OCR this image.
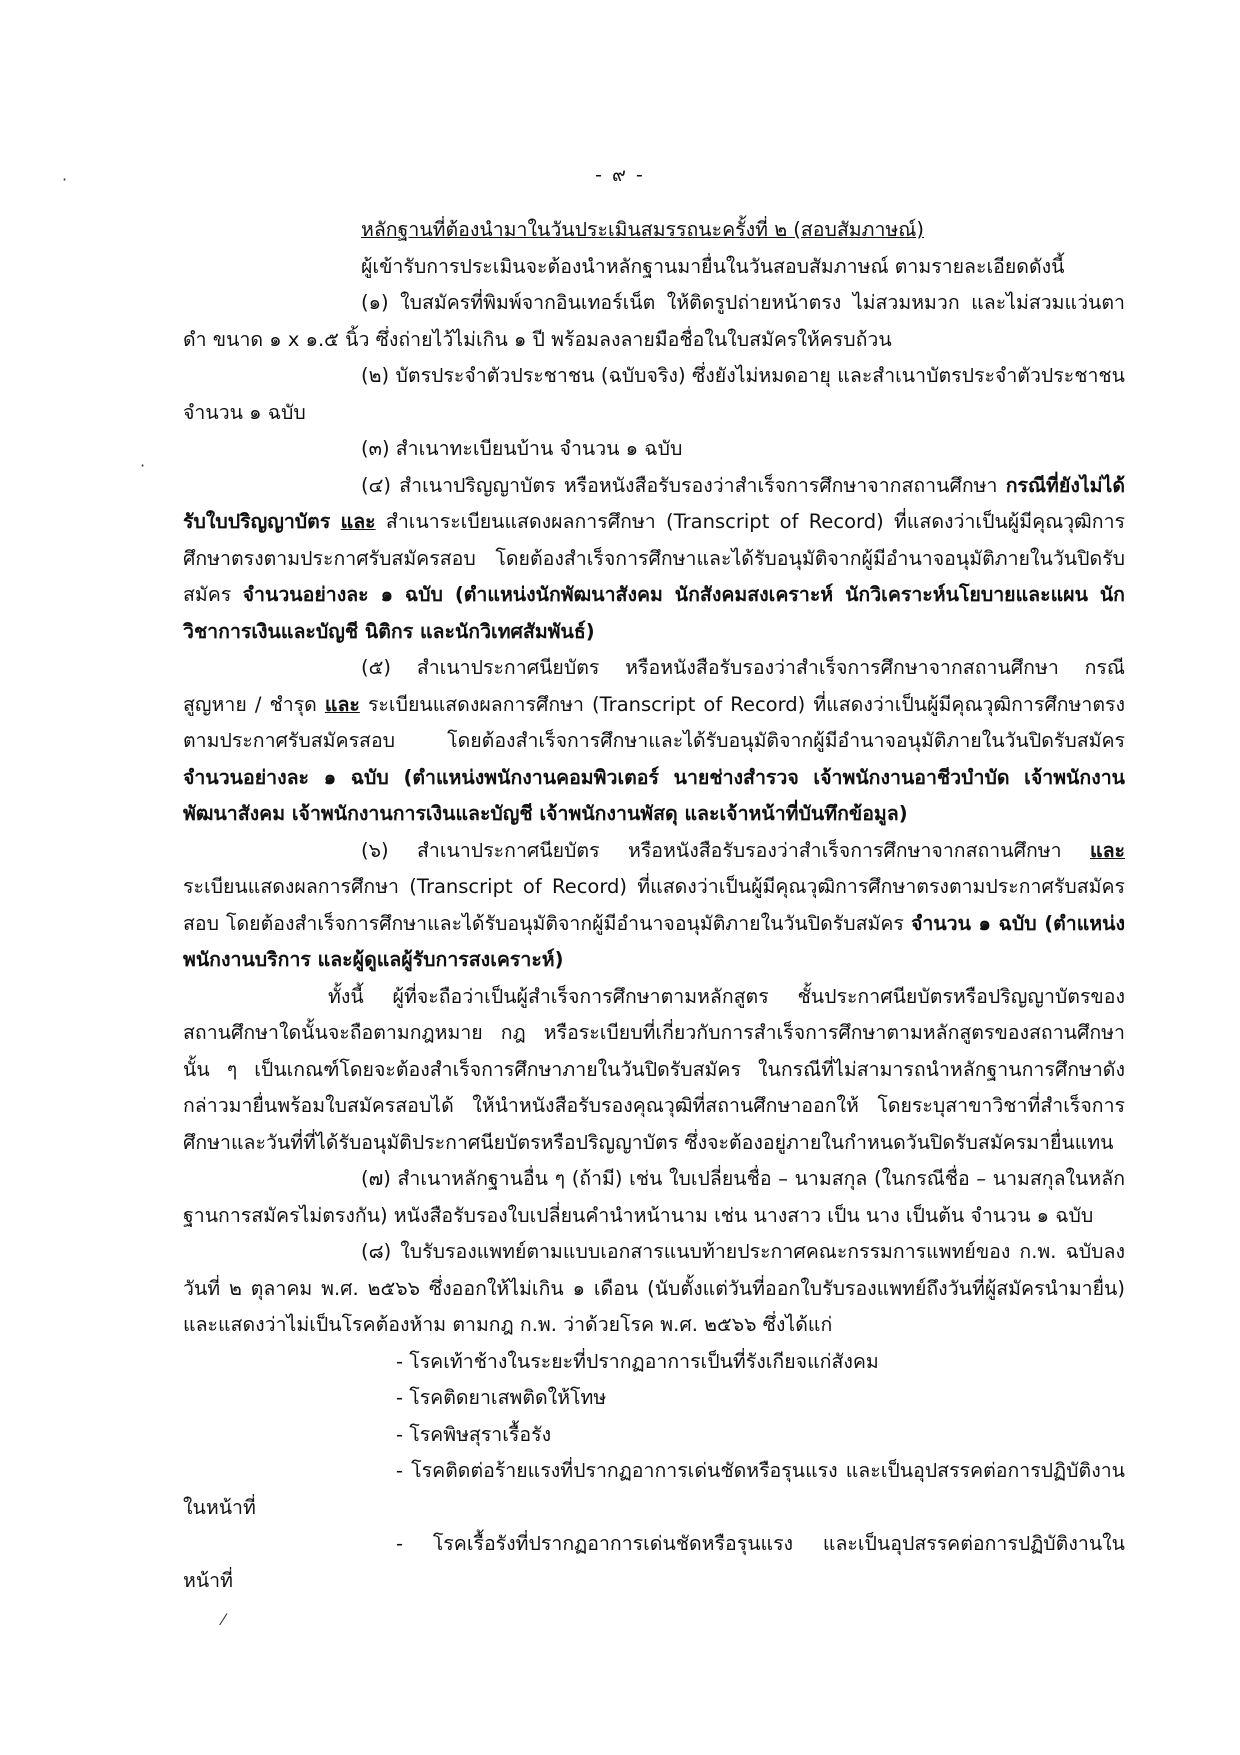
- ๙ -
·
·

หลักฐานที่ต้องนำมาในวันประเมินสมรรถนะครั้งที่ ๒ (สอบสัมภาษณ์)

ผู้เข้ารับการประเมินจะต้องนำหลักฐานมายื่นในวันสอบสัมภาษณ์ ตามรายละเอียดดังนี้

(๑) ใบสมัครที่พิมพ์จากอินเทอร์เน็ต ให้ติดรูปถ่ายหน้าตรง ไม่สวมหมวก และไม่สวมแว่นตาดำ ขนาด ๑ x ๑.๕ นิ้ว ซึ่งถ่ายไว้ไม่เกิน ๑ ปี พร้อมลงลายมือชื่อในใบสมัครให้ครบถ้วน

(๒) บัตรประจำตัวประชาชน (ฉบับจริง) ซึ่งยังไม่หมดอายุ และสำเนาบัตรประจำตัวประชาชน จำนวน ๑ ฉบับ

(๓) สำเนาทะเบียนบ้าน จำนวน ๑ ฉบับ

(๔) สำเนาปริญญาบัตร หรือหนังสือรับรองว่าสำเร็จการศึกษาจากสถานศึกษา กรณีที่ยังไม่ได้รับใบปริญญาบัตร และ สำเนาระเบียนแสดงผลการศึกษา (Transcript of Record) ที่แสดงว่าเป็นผู้มีคุณวุฒิการศึกษาตรงตามประกาศรับสมัครสอบ โดยต้องสำเร็จการศึกษาและได้รับอนุมัติจากผู้มีอำนาจอนุมัติภายในวันปิดรับสมัคร จำนวนอย่างละ ๑ ฉบับ (ตำแหน่งนักพัฒนาสังคม นักสังคมสงเคราะห์ นักวิเคราะห์นโยบายและแผน นักวิชาการเงินและบัญชี นิติกร และนักวิเทศสัมพันธ์)

(๕) สำเนาประกาศนียบัตร หรือหนังสือรับรองว่าสำเร็จการศึกษาจากสถานศึกษา กรณีสูญหาย / ชำรุด และ ระเบียนแสดงผลการศึกษา (Transcript of Record) ที่แสดงว่าเป็นผู้มีคุณวุฒิการศึกษาตรงตามประกาศรับสมัครสอบ โดยต้องสำเร็จการศึกษาและได้รับอนุมัติจากผู้มีอำนาจอนุมัติภายในวันปิดรับสมัคร จำนวนอย่างละ ๑ ฉบับ (ตำแหน่งพนักงานคอมพิวเตอร์ นายช่างสำรวจ เจ้าพนักงานอาชีวบำบัด เจ้าพนักงานพัฒนาสังคม เจ้าพนักงานการเงินและบัญชี เจ้าพนักงานพัสดุ และเจ้าหน้าที่บันทึกข้อมูล)

(๖) สำเนาประกาศนียบัตร หรือหนังสือรับรองว่าสำเร็จการศึกษาจากสถานศึกษา และ ระเบียนแสดงผลการศึกษา (Transcript of Record) ที่แสดงว่าเป็นผู้มีคุณวุฒิการศึกษาตรงตามประกาศรับสมัครสอบ โดยต้องสำเร็จการศึกษาและได้รับอนุมัติจากผู้มีอำนาจอนุมัติภายในวันปิดรับสมัคร จำนวน ๑ ฉบับ (ตำแหน่งพนักงานบริการ และผู้ดูแลผู้รับการสงเคราะห์)

ทั้งนี้ ผู้ที่จะถือว่าเป็นผู้สำเร็จการศึกษาตามหลักสูตร ชั้นประกาศนียบัตรหรือปริญญาบัตรของสถานศึกษาใดนั้นจะถือตามกฎหมาย กฎ หรือระเบียบที่เกี่ยวกับการสำเร็จการศึกษาตามหลักสูตรของสถานศึกษานั้น ๆ เป็นเกณฑ์โดยจะต้องสำเร็จการศึกษาภายในวันปิดรับสมัคร ในกรณีที่ไม่สามารถนำหลักฐานการศึกษาดังกล่าวมายื่นพร้อมใบสมัครสอบได้ ให้นำหนังสือรับรองคุณวุฒิที่สถานศึกษาออกให้ โดยระบุสาขาวิชาที่สำเร็จการศึกษาและวันที่ที่ได้รับอนุมัติประกาศนียบัตรหรือปริญญาบัตร ซึ่งจะต้องอยู่ภายในกำหนดวันปิดรับสมัครมายื่นแทน

(๗) สำเนาหลักฐานอื่น ๆ (ถ้ามี) เช่น ใบเปลี่ยนชื่อ – นามสกุล (ในกรณีชื่อ – นามสกุลในหลักฐานการสมัครไม่ตรงกัน) หนังสือรับรองใบเปลี่ยนคำนำหน้านาม เช่น นางสาว เป็น นาง เป็นต้น จำนวน ๑ ฉบับ

(๘) ใบรับรองแพทย์ตามแบบเอกสารแนบท้ายประกาศคณะกรรมการแพทย์ของ ก.พ. ฉบับลงวันที่ ๒ ตุลาคม พ.ศ. ๒๕๖๖ ซึ่งออกให้ไม่เกิน ๑ เดือน (นับตั้งแต่วันที่ออกใบรับรองแพทย์ถึงวันที่ผู้สมัครนำมายื่น) และแสดงว่าไม่เป็นโรคต้องห้าม ตามกฎ ก.พ. ว่าด้วยโรค พ.ศ. ๒๕๖๖ ซึ่งได้แก่

- โรคเท้าช้างในระยะที่ปรากฏอาการเป็นที่รังเกียจแก่สังคม

- โรคติดยาเสพติดให้โทษ

- โรคพิษสุราเรื้อรัง

- โรคติดต่อร้ายแรงที่ปรากฏอาการเด่นชัดหรือรุนแรง และเป็นอุปสรรคต่อการปฏิบัติงานในหน้าที่

- โรคเรื้อรังที่ปรากฏอาการเด่นชัดหรือรุนแรง และเป็นอุปสรรคต่อการปฏิบัติงานในหน้าที่

⁄
